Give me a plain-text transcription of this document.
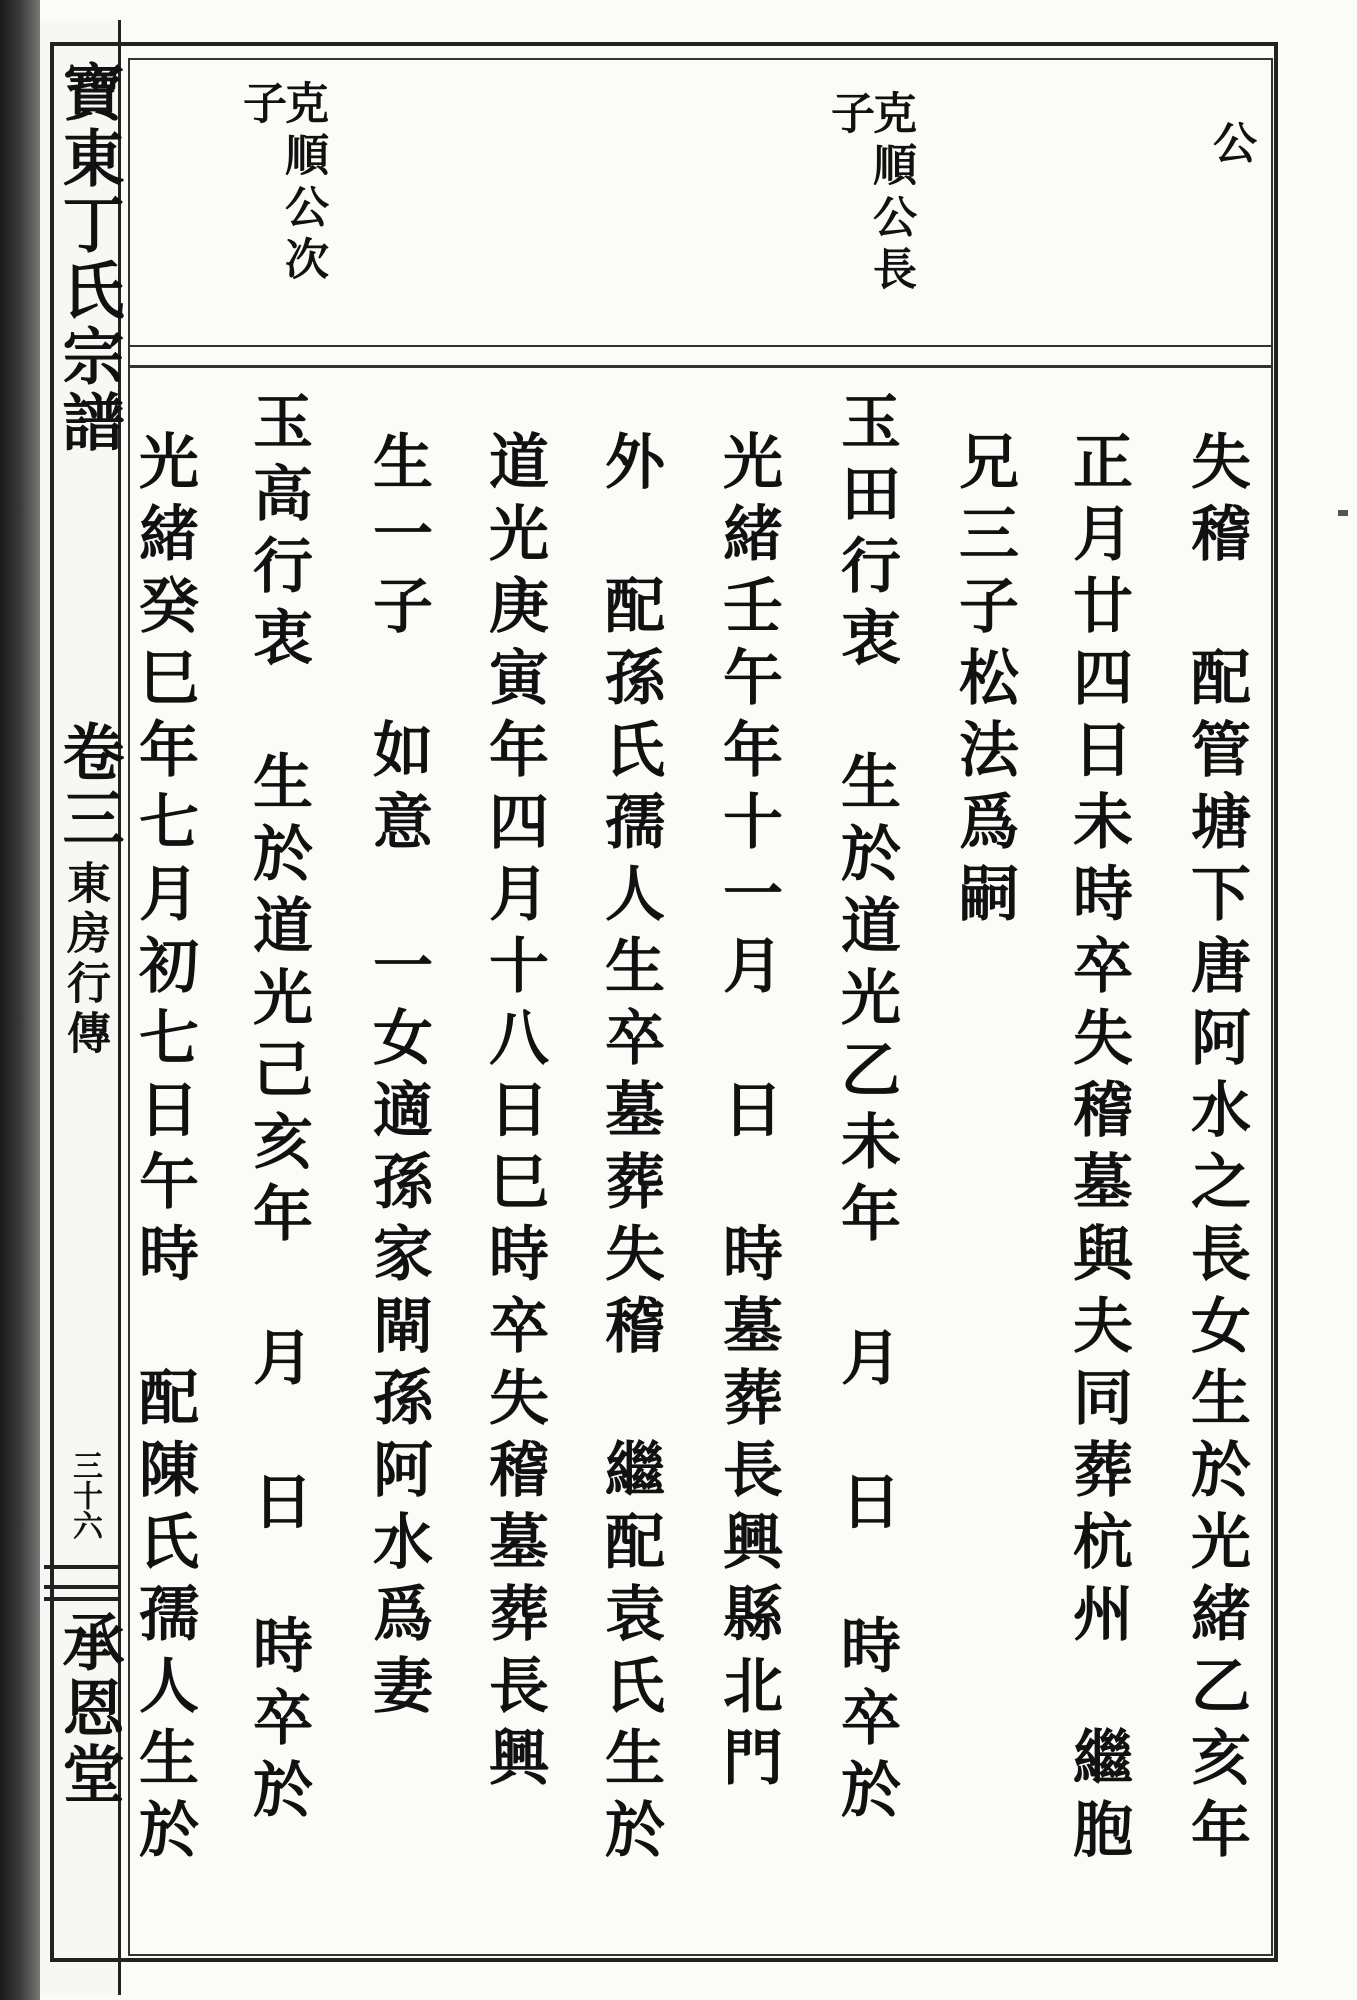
寶東丁氏宗譜
卷三
東房行傳
三十六
承恩堂
公
克順公長
子
克順公次
子
失稽　配管塘下唐阿水之長女生於光緒乙亥年
正月廿四日未時卒失稽墓與夫同葬杭州　繼胞
兄三子松法爲嗣
玉田行衷　生於道光乙未年　月　日　時卒於
光緒壬午年十一月　日　時墓葬長興縣北門
外　配孫氏孺人生卒墓葬失稽　繼配袁氏生於
道光庚寅年四月十八日巳時卒失稽墓葬長興
生一子　如意　一女適孫家閘孫阿水爲妻
玉高行衷　生於道光己亥年　月　日　時卒於
光緒癸巳年七月初七日午時　配陳氏孺人生於
